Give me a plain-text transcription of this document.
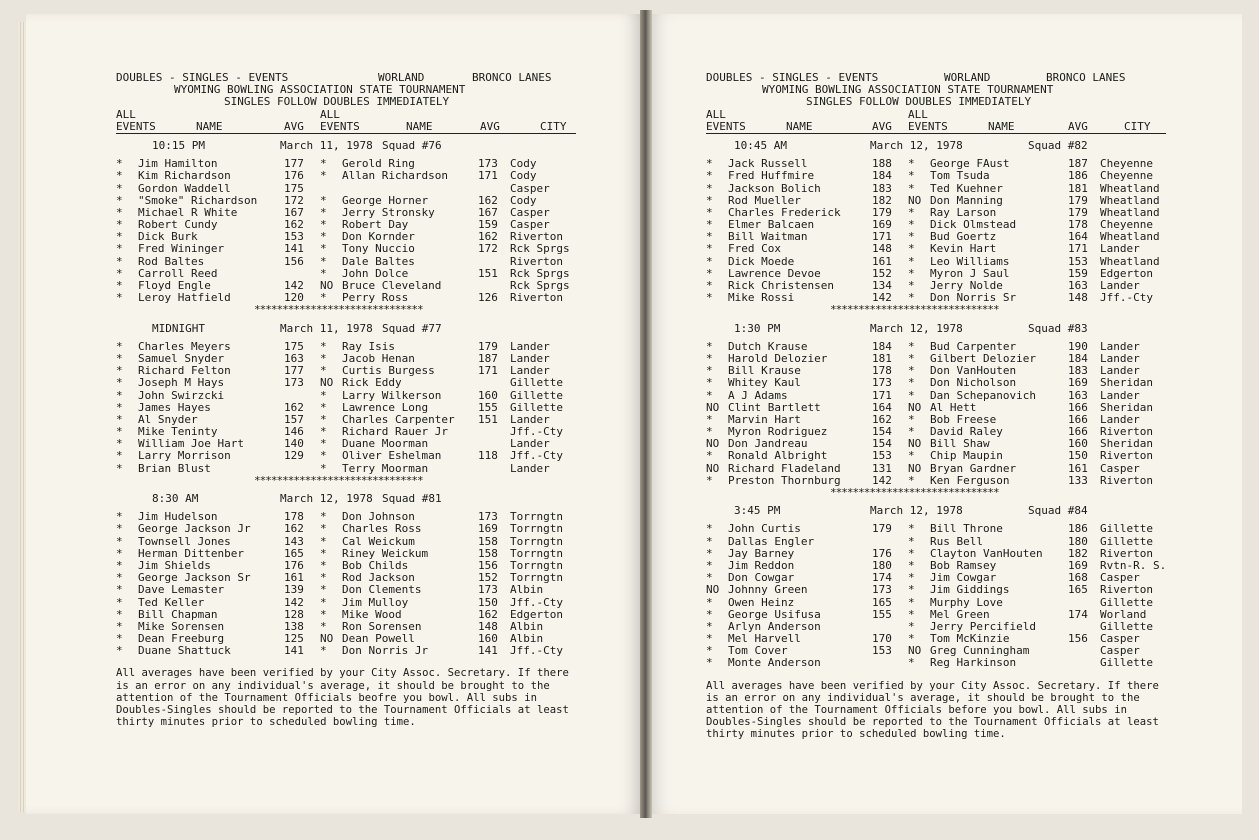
DOUBLES - SINGLES - EVENTS

	WORLAND

	BRONCO LANES

WYOMING BOWLING ASSOCIATION STATE TOURNAMENT

SINGLES FOLLOW DOUBLES IMMEDIATELY

ALL
EVENTS	NAME	AVG
ALL
EVENTS	NAME	AVG	CITY
10:15 PM	March 11, 1978 Squad #76
* Jim Hamilton	177 * Gerold Ring	173 Cody
* Kim Richardson	176 * Allan Richardson	171 Cody
* Gordon Waddell	175	Casper
* "Smoke" Richardson 172 * George Horner	162 Cody
* Michael R White	167 * Jerry Stronsky	167 Casper
* Robert Cundy	162 * Robert Day	159 Casper
* Dick Burk	153 * Don Kornder	162 Riverton
* Fred Wininger	141 * Tony Nuccio	172 Rck Sprgs
* Rod Baltes	156 * Dale Baltes	Riverton
* Carroll Reed	* John Dolce	151 Rck Sprgs
* Floyd Engle	142 NO Bruce Cleveland	Rck Sprgs
* Leroy Hatfield	120 * Perry Ross	126 Riverton
******************************
MIDNIGHT	March 11, 1978 Squad #77
* Charles Meyers	175 * Ray Isis	179 Lander
* Samuel Snyder	163 * Jacob Henan	187 Lander
* Richard Felton	177 * Curtis Burgess	171 Lander
* Joseph M Hays	173 NO Rick Eddy	Gillette
* John Swirzcki	* Larry Wilkerson	160 Gillette
* James Hayes	162 * Lawrence Long	155 Gillette
* Al Snyder	157 * Charles Carpenter 151 Lander
* Mike Teninty	146 * Richard Rauer Jr	Jff.-Cty
* William Joe Hart	140 * Duane Moorman	Lander
* Larry Morrison	129 * Oliver Eshelman	118 Jff.-Cty
* Brian Blust	* Terry Moorman	Lander
******************************
8:30 AM	March 12, 1978 Squad #81
* Jim Hudelson	178 * Don Johnson	173 Torrngtn
* George Jackson Jr	162 * Charles Ross	169 Torrngtn
* Townsell Jones	143 * Cal Weickum	158 Torrngtn
* Herman Dittenber	165 * Riney Weickum	158 Torrngtn
* Jim Shields	176 * Bob Childs	156 Torrngtn
* George Jackson Sr	161 * Rod Jackson	152 Torrngtn
* Dave Lemaster	139 * Don Clements	173 Albin
* Ted Keller	142 * Jim Mulloy	150 Jff.-Cty
* Bill Chapman	128 * Mike Wood	162 Edgerton
* Mike Sorensen	138 * Ron Sorensen	148 Albin
* Dean Freeburg	125 NO Dean Powell	160 Albin
* Duane Shattuck	141 * Don Norris Jr	141 Jff.-Cty
All averages have been verified by your City Assoc. Secretary. If there is an error on any individual's average, it should be brought to the attention of the Tournament Officials beofre you bowl. All subs in Doubles-Singles should be reported to the Tournament Officials at least thirty minutes prior to scheduled bowling time.

DOUBLES - SINGLES - EVENTS

	WORLAND

	BRONCO LANES

WYOMING BOWLING ASSOCIATION STATE TOURNAMENT

SINGLES FOLLOW DOUBLES IMMEDIATELY

ALL
EVENTS	NAME	AVG
ALL
EVENTS	NAME	AVG	CITY
10:45 AM	March 12, 1978	Squad #82
* Jack Russell	188 * George FAust	187 Cheyenne
* Fred Huffmire	184 * Tom Tsuda	186 Cheyenne
* Jackson Bolich	183 * Ted Kuehner	181 Wheatland
* Rod Mueller	182 NO Don Manning	179 Wheatland
* Charles Frederick	179 * Ray Larson	179 Wheatland
* Elmer Balcaen	169 * Dick Olmstead	178 Cheyenne
* Bill Waitman	171 * Bud Goertz	164 Wheatland
* Fred Cox	148 * Kevin Hart	171 Lander
* Dick Moede	161 * Leo Williams	153 Wheatland
* Lawrence Devoe	152 * Myron J Saul	159 Edgerton
* Rick Christensen	134 * Jerry Nolde	163 Lander
* Mike Rossi	142 * Don Norris Sr	148 Jff.-Cty
******************************
1:30 PM	March 12, 1978	Squad #83
* Dutch Krause	184 * Bud Carpenter	190 Lander
* Harold Delozier	181 * Gilbert Delozier	184 Lander
* Bill Krause	178 * Don VanHouten	183 Lander
* Whitey Kaul	173 * Don Nicholson	169 Sheridan
* A J Adams	171 * Dan Schepanovich	163 Lander
NO Clint Bartlett	164 NO Al Hett	166 Sheridan
* Marvin Hart	162 * Bob Freese	166 Lander
* Myron Rodriguez	154 * David Raley	166 Riverton
NO Don Jandreau	154 NO Bill Shaw	160 Sheridan
* Ronald Albright	153 * Chip Maupin	150 Riverton
NO Richard Fladeland	131 NO Bryan Gardner	161 Casper
* Preston Thornburg	142 * Ken Ferguson	133 Riverton
******************************
3:45 PM	March 12, 1978	Squad #84
* John Curtis	179 * Bill Throne	186 Gillette
* Dallas Engler	* Rus Bell	180 Gillette
* Jay Barney	176 * Clayton VanHouten 182 Riverton
* Jim Reddon	180 * Bob Ramsey	169 Rvtn-R. S.
* Don Cowgar	174 * Jim Cowgar	168 Casper
NO Johnny Green	173 * Jim Giddings	165 Riverton
* Owen Heinz	165 * Murphy Love	Gillette
* George Usifusa	155 * Mel Green	174 Worland
* Arlyn Anderson	* Jerry Percifield	Gillette
* Mel Harvell	170 * Tom McKinzie	156 Casper
* Tom Cover	153 NO Greg Cunningham	Casper
* Monte Anderson	* Reg Harkinson	Gillette
All averages have been verified by your City Assoc. Secretary. If there is an error on any individual's average, it should be brought to the attention of the Tournament Officials before you bowl. All subs in Doubles-Singles should be reported to the Tournament Officials at least thirty minutes prior to scheduled bowling time.
